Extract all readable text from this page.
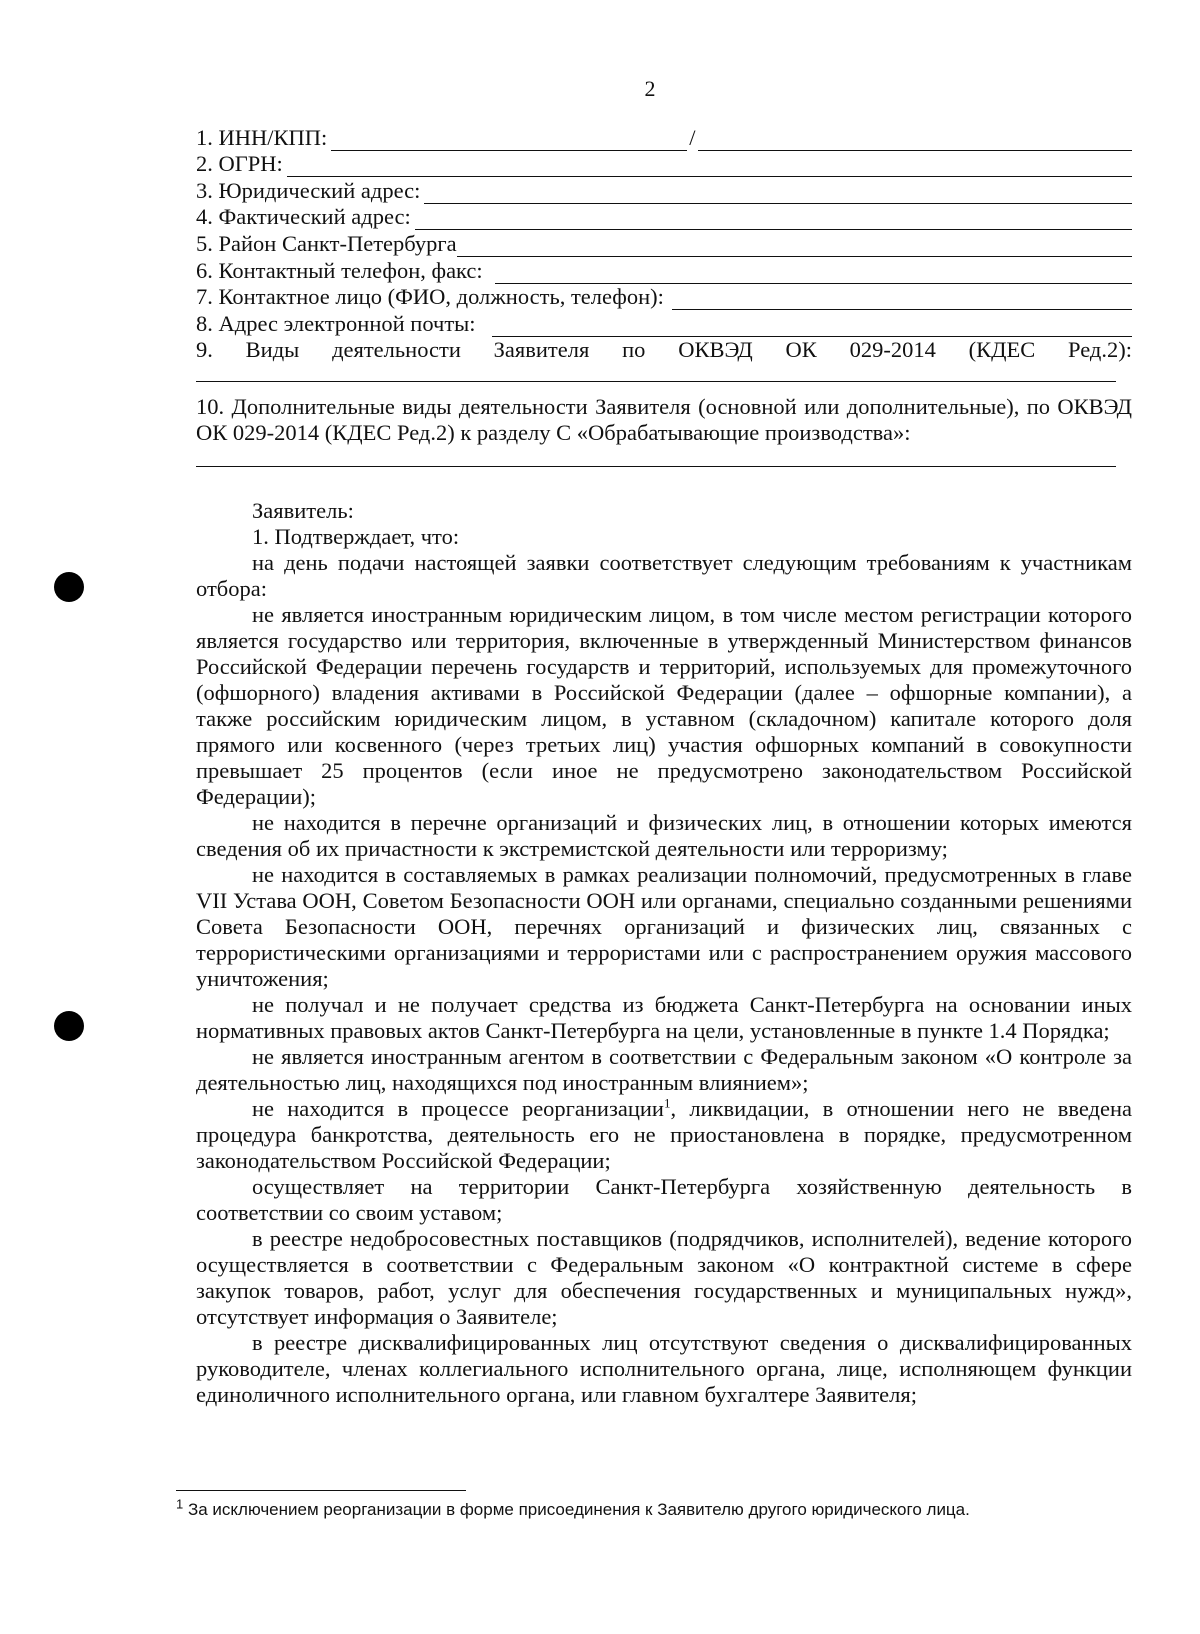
2
1. ИНН/КПП:	/
2. ОГРН:
3. Юридический адрес:
4. Фактический адрес:
5. Район Санкт-Петербурга
6. Контактный телефон, факс:
7. Контактное лицо (ФИО, должность, телефон):
8. Адрес электронной почты:
9. Виды деятельности Заявителя по ОКВЭД ОК 029-2014 (КДЕС Ред.2):

10. Дополнительные виды деятельности Заявителя (основной или дополнительные), по ОКВЭД ОК 029-2014 (КДЕС Ред.2) к разделу С «Обрабатывающие производства»:

Заявитель:

1. Подтверждает, что:

на день подачи настоящей заявки соответствует следующим требованиям к участникам отбора:

не является иностранным юридическим лицом, в том числе местом регистрации которого является государство или территория, включенные в утвержденный Министерством финансов Российской Федерации перечень государств и территорий, используемых для промежуточного (офшорного) владения активами в Российской Федерации (далее – офшорные компании), а также российским юридическим лицом, в уставном (складочном) капитале которого доля прямого или косвенного (через третьих лиц) участия офшорных компаний в совокупности превышает 25 процентов (если иное не предусмотрено законодательством Российской Федерации);

не находится в перечне организаций и физических лиц, в отношении которых имеются сведения об их причастности к экстремистской деятельности или терроризму;

не находится в составляемых в рамках реализации полномочий, предусмотренных в главе VII Устава ООН, Советом Безопасности ООН или органами, специально созданными решениями Совета Безопасности ООН, перечнях организаций и физических лиц, связанных с террористическими организациями и террористами или с распространением оружия массового уничтожения;

не получал и не получает средства из бюджета Санкт-Петербурга на основании иных нормативных правовых актов Санкт-Петербурга на цели, установленные в пункте 1.4 Порядка;

не является иностранным агентом в соответствии с Федеральным законом «О контроле за деятельностью лиц, находящихся под иностранным влиянием»;

не находится в процессе реорганизации$^1$, ликвидации, в отношении него не введена процедура банкротства, деятельность его не приостановлена в порядке, предусмотренном законодательством Российской Федерации;

осуществляет на территории Санкт-Петербурга хозяйственную деятельность в соответствии со своим уставом;

в реестре недобросовестных поставщиков (подрядчиков, исполнителей), ведение которого осуществляется в соответствии с Федеральным законом «О контрактной системе в сфере закупок товаров, работ, услуг для обеспечения государственных и муниципальных нужд», отсутствует информация о Заявителе;

в реестре дисквалифицированных лиц отсутствуют сведения о дисквалифицированных руководителе, членах коллегиального исполнительного органа, лице, исполняющем функции единоличного исполнительного органа, или главном бухгалтере Заявителя;

$^1$ За исключением реорганизации в форме присоединения к Заявителю другого юридического лица.
